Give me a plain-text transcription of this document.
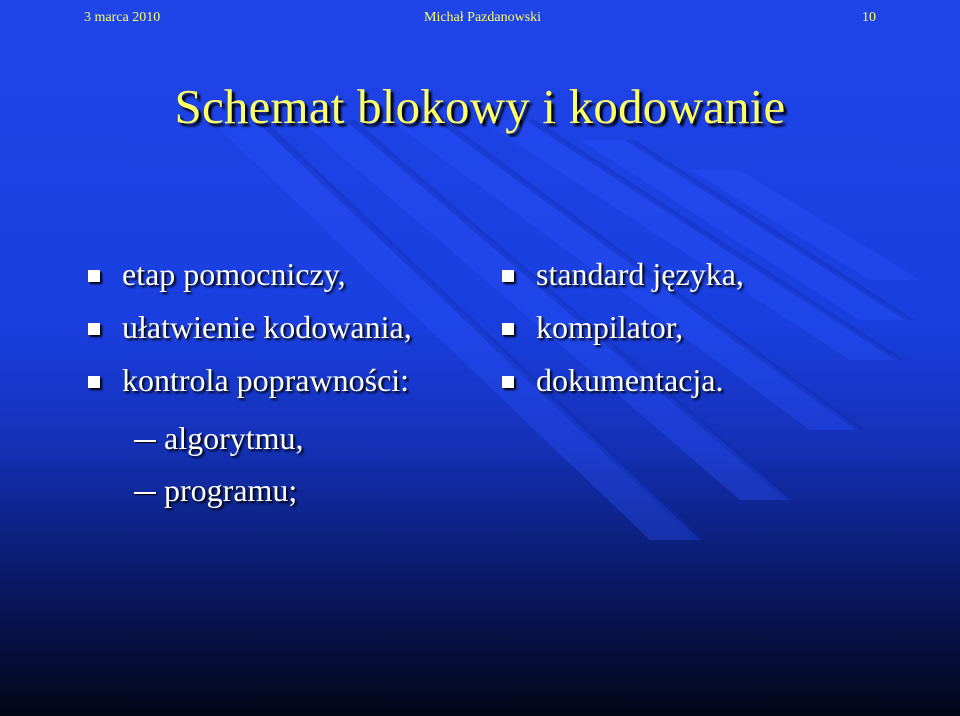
3 marca 2010	Michał Pazdanowski	10
Schemat blokowy i kodowanie
etap pomocniczy,
ułatwienie kodowania,
kontrola poprawności:
algorytmu,
programu;
standard języka,
kompilator,
dokumentacja.
